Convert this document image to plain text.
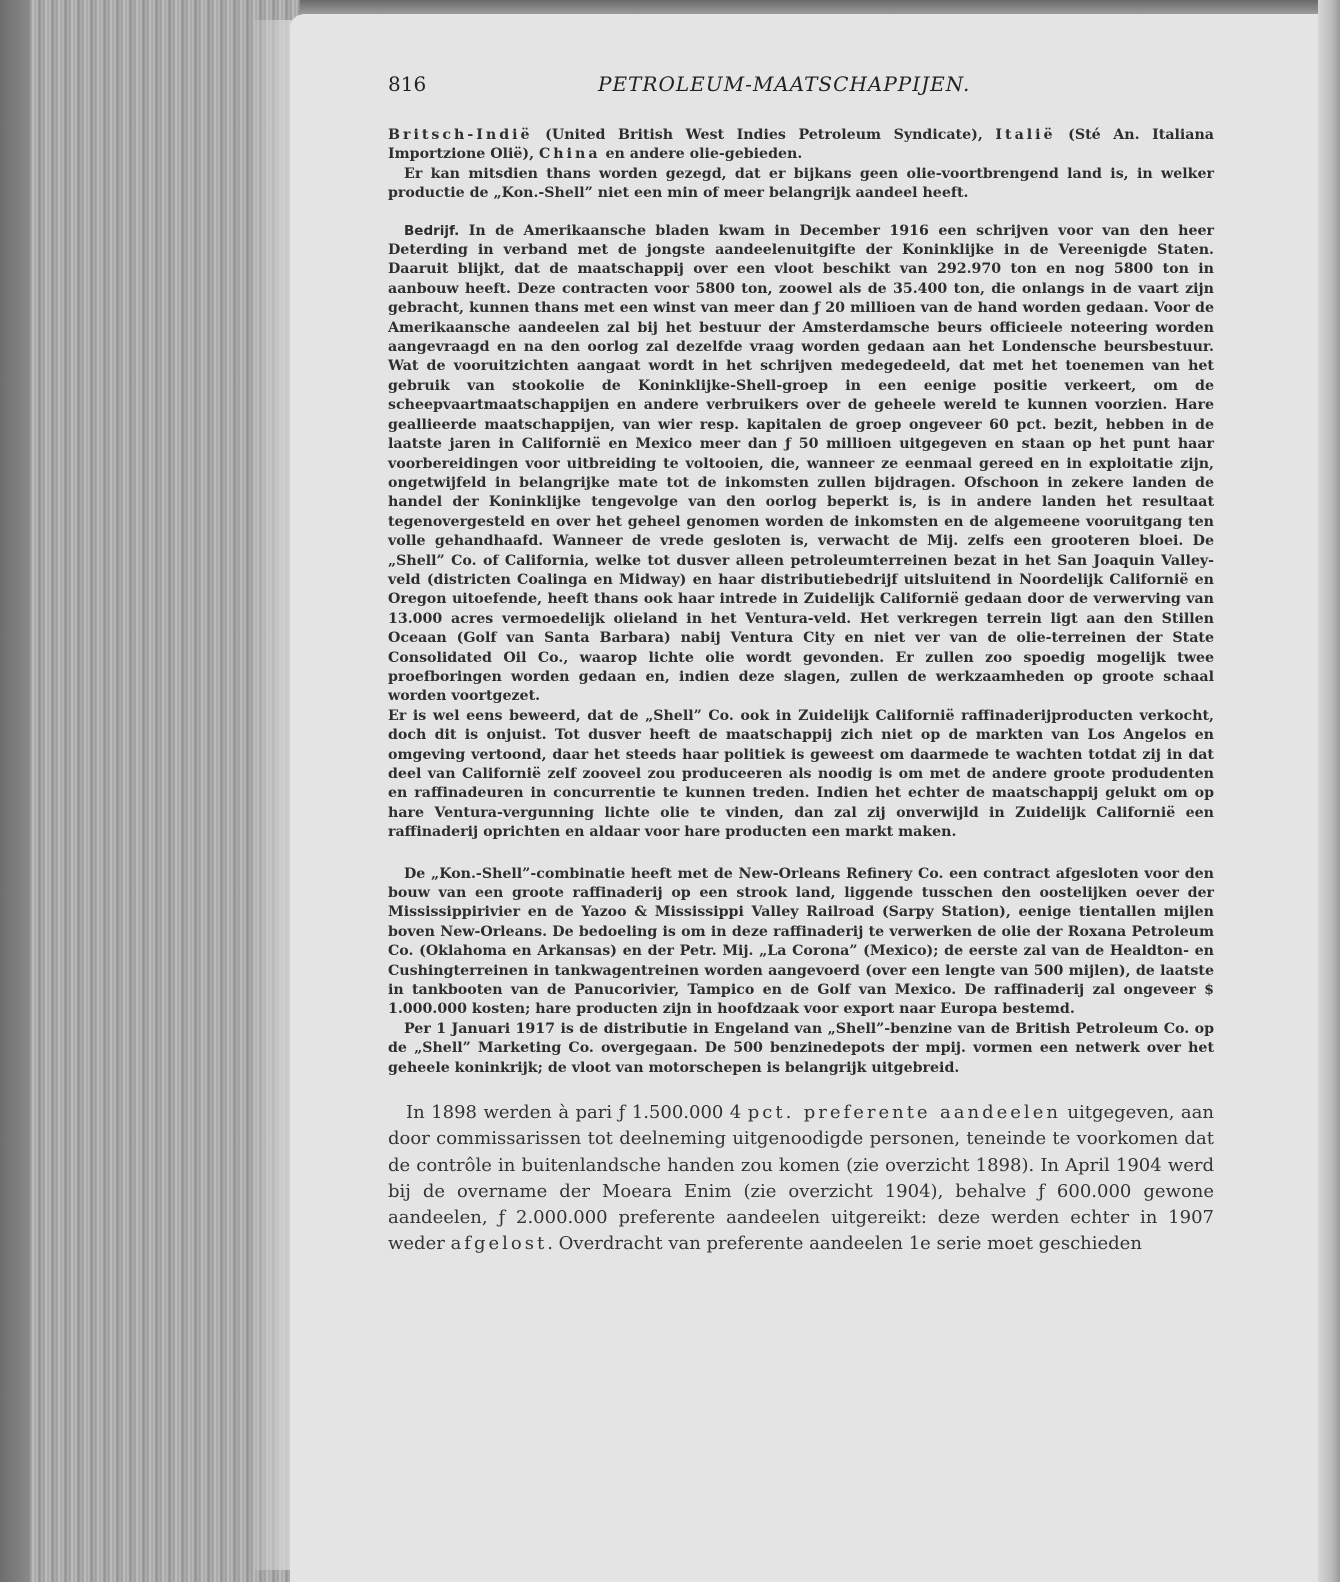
816	PETROLEUM-MAATSCHAPPIJEN.

Britsch-Indië (United British West Indies Petroleum Syndicate), Italië (Sté An. Italiana Importzione Olië), China en andere olie-gebieden.

Er kan mitsdien thans worden gezegd, dat er bijkans geen olie-voortbrengend land is, in welker productie de „Kon.-Shell” niet een min of meer belangrijk aandeel heeft.

Bedrijf. In de Amerikaansche bladen kwam in December 1916 een schrijven voor van den heer Deterding in verband met de jongste aandeelenuitgifte der Koninklijke in de Vereenigde Staten. Daaruit blijkt, dat de maatschappij over een vloot beschikt van 292.970 ton en nog 5800 ton in aanbouw heeft. Deze contracten voor 5800 ton, zoowel als de 35.400 ton, die onlangs in de vaart zijn gebracht, kunnen thans met een winst van meer dan ƒ 20 millioen van de hand worden gedaan. Voor de Amerikaansche aandeelen zal bij het bestuur der Amsterdamsche beurs officieele noteering worden aangevraagd en na den oorlog zal dezelfde vraag worden gedaan aan het Londensche beursbestuur. Wat de vooruitzichten aangaat wordt in het schrijven medegedeeld, dat met het toenemen van het gebruik van stookolie de Koninklijke-Shell-groep in een eenige positie verkeert, om de scheepvaartmaatschappijen en andere verbruikers over de geheele wereld te kunnen voorzien. Hare geallieerde maatschappijen, van wier resp. kapitalen de groep ongeveer 60 pct. bezit, hebben in de laatste jaren in Californië en Mexico meer dan ƒ 50 millioen uitgegeven en staan op het punt haar voorbereidingen voor uitbreiding te voltooien, die, wanneer ze eenmaal gereed en in exploitatie zijn, ongetwijfeld in belangrijke mate tot de inkomsten zullen bijdragen. Ofschoon in zekere landen de handel der Koninklijke tengevolge van den oorlog beperkt is, is in andere landen het resultaat tegenovergesteld en over het geheel genomen worden de inkomsten en de algemeene vooruitgang ten volle gehandhaafd. Wanneer de vrede gesloten is, verwacht de Mij. zelfs een grooteren bloei. De „Shell” Co. of California, welke tot dusver alleen petroleumterreinen bezat in het San Joaquin Valley-veld (districten Coalinga en Midway) en haar distributiebedrijf uitsluitend in Noordelijk Californië en Oregon uitoefende, heeft thans ook haar intrede in Zuidelijk Californië gedaan door de verwerving van 13.000 acres vermoedelijk olieland in het Ventura-veld. Het verkregen terrein ligt aan den Stillen Oceaan (Golf van Santa Barbara) nabij Ventura City en niet ver van de olie-terreinen der State Consolidated Oil Co., waarop lichte olie wordt gevonden. Er zullen zoo spoedig mogelijk twee proefboringen worden gedaan en, indien deze slagen, zullen de werkzaamheden op groote schaal worden voortgezet.

Er is wel eens beweerd, dat de „Shell” Co. ook in Zuidelijk Californië raffinaderijproducten verkocht, doch dit is onjuist. Tot dusver heeft de maatschappij zich niet op de markten van Los Angelos en omgeving vertoond, daar het steeds haar politiek is geweest om daarmede te wachten totdat zij in dat deel van Californië zelf zooveel zou produceeren als noodig is om met de andere groote produdenten en raffinadeuren in concurrentie te kunnen treden. Indien het echter de maatschappij gelukt om op hare Ventura-vergunning lichte olie te vinden, dan zal zij onverwijld in Zuidelijk Californië een raffinaderij oprichten en aldaar voor hare producten een markt maken.

De „Kon.-Shell”-combinatie heeft met de New-Orleans Refinery Co. een contract afgesloten voor den bouw van een groote raffinaderij op een strook land, liggende tusschen den oostelijken oever der Mississippirivier en de Yazoo & Mississippi Valley Railroad (Sarpy Station), eenige tientallen mijlen boven New-Orleans. De bedoeling is om in deze raffinaderij te verwerken de olie der Roxana Petroleum Co. (Oklahoma en Arkansas) en der Petr. Mij. „La Corona” (Mexico); de eerste zal van de Healdton- en Cushingterreinen in tankwagentreinen worden aangevoerd (over een lengte van 500 mijlen), de laatste in tankbooten van de Panucorivier, Tampico en de Golf van Mexico. De raffinaderij zal ongeveer $ 1.000.000 kosten; hare producten zijn in hoofdzaak voor export naar Europa bestemd.

Per 1 Januari 1917 is de distributie in Engeland van „Shell”-benzine van de British Petroleum Co. op de „Shell” Marketing Co. overgegaan. De 500 benzinedepots der mpij. vormen een netwerk over het geheele koninkrijk; de vloot van motorschepen is belangrijk uitgebreid.

In 1898 werden à pari ƒ 1.500.000 4 pct. preferente aandeelen uitgegeven, aan door commissarissen tot deelneming uitgenoodigde personen, teneinde te voorkomen dat de contrôle in buitenlandsche handen zou komen (zie overzicht 1898). In April 1904 werd bij de overname der Moeara Enim (zie overzicht 1904), behalve ƒ 600.000 gewone aandeelen, ƒ 2.000.000 preferente aandeelen uitgereikt: deze werden echter in 1907 weder afgelost. Overdracht van preferente aandeelen 1e serie moet geschieden
